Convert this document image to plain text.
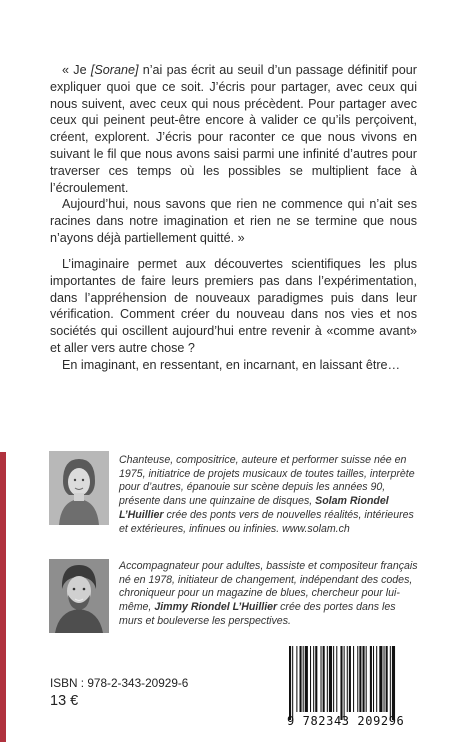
« Je [Sorane] n’ai pas écrit au seuil d’un passage définitif pour expliquer quoi que ce soit. J’écris pour partager, avec ceux qui nous suivent, avec ceux qui nous précèdent. Pour partager avec ceux qui peinent peut-être encore à valider ce qu’ils perçoivent, créent, explorent. J’écris pour raconter ce que nous vivons en suivant le fil que nous avons saisi parmi une infinité d’autres pour traverser ces temps où les possibles se multiplient face à l’écroulement.

Aujourd’hui, nous savons que rien ne commence qui n’ait ses racines dans notre imagination et rien ne se termine que nous n’ayons déjà partiellement quitté. »

L’imaginaire permet aux découvertes scientifiques les plus importantes de faire leurs premiers pas dans l’expérimentation, dans l’appréhension de nouveaux paradigmes puis dans leur vérification. Comment créer du nouveau dans nos vies et nos sociétés qui oscillent aujourd’hui entre revenir à «comme avant» et aller vers autre chose ?

En imaginant, en ressentant, en incarnant, en laissant être…

Chanteuse, compositrice, auteure et performer suisse née en 1975, initiatrice de projets musicaux de toutes tailles, interprète pour d’autres, épanouie sur scène depuis les années 90, présente dans une quinzaine de disques, Solam Riondel L’Huillier crée des ponts vers de nouvelles réalités, intérieures et extérieures, infinues ou infinies. www.solam.ch
Accompagnateur pour adultes, bassiste et compositeur français né en 1978, initiateur de changement, indépendant des codes, chroniqueur pour un magazine de blues, chercheur pour lui-même, Jimmy Riondel L’Huillier crée des portes dans les murs et bouleverse les perspectives.
ISBN : 978-2-343-20929-6
13 €
9 782343 209296
